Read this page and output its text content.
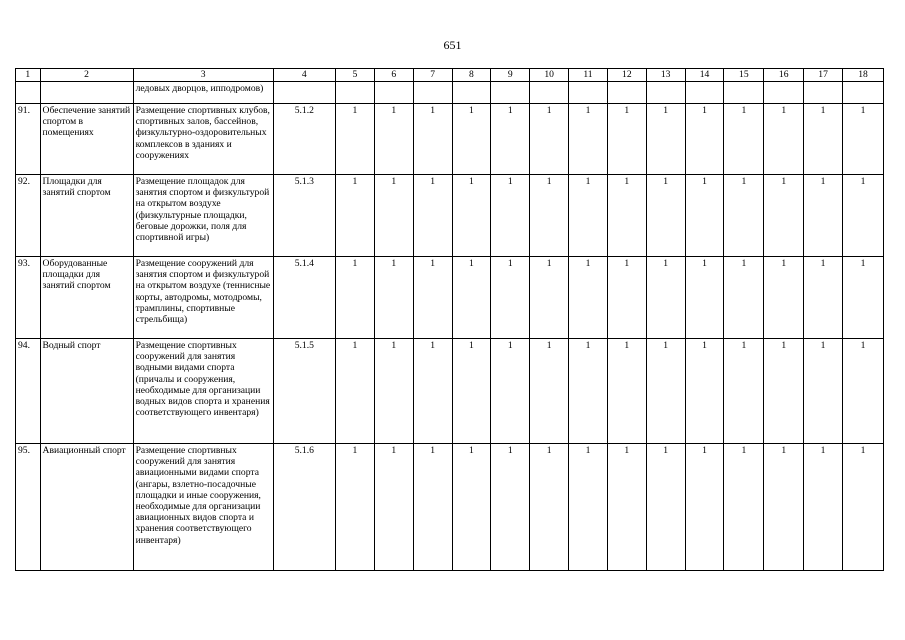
651
1	2	3	4	5	6	7	8	9	10	11	12	13	14	15	16	17	18
		ледовых дворцов, ипподромов)															
91.	Обеспечение занятий спортом в помещениях	Размещение спортивных клубов, спортивных залов, бассейнов, физкультурно-оздоровительных комплексов в зданиях и сооружениях	5.1.2	1	1	1	1	1	1	1	1	1	1	1	1	1	1
92.	Площадки для занятий спортом	Размещение площадок для занятия спортом и физкультурой на открытом воздухе (физкультурные площадки, беговые дорожки, поля для спортивной игры)	5.1.3	1	1	1	1	1	1	1	1	1	1	1	1	1	1
93.	Оборудованные площадки для занятий спортом	Размещение сооружений для занятия спортом и физкультурой на открытом воздухе (теннисные корты, автодромы, мотодромы, трамплины, спортивные стрельбища)	5.1.4	1	1	1	1	1	1	1	1	1	1	1	1	1	1
94.	Водный спорт	Размещение спортивных сооружений для занятия водными видами спорта (причалы и сооружения, необходимые для организации водных видов спорта и хранения соответствующего инвентаря)	5.1.5	1	1	1	1	1	1	1	1	1	1	1	1	1	1
95.	Авиационный спорт	Размещение спортивных сооружений для занятия авиационными видами спорта (ангары, взлетно-посадочные площадки и иные сооружения, необходимые для организации авиационных видов спорта и хранения соответствующего инвентаря)	5.1.6	1	1	1	1	1	1	1	1	1	1	1	1	1	1
